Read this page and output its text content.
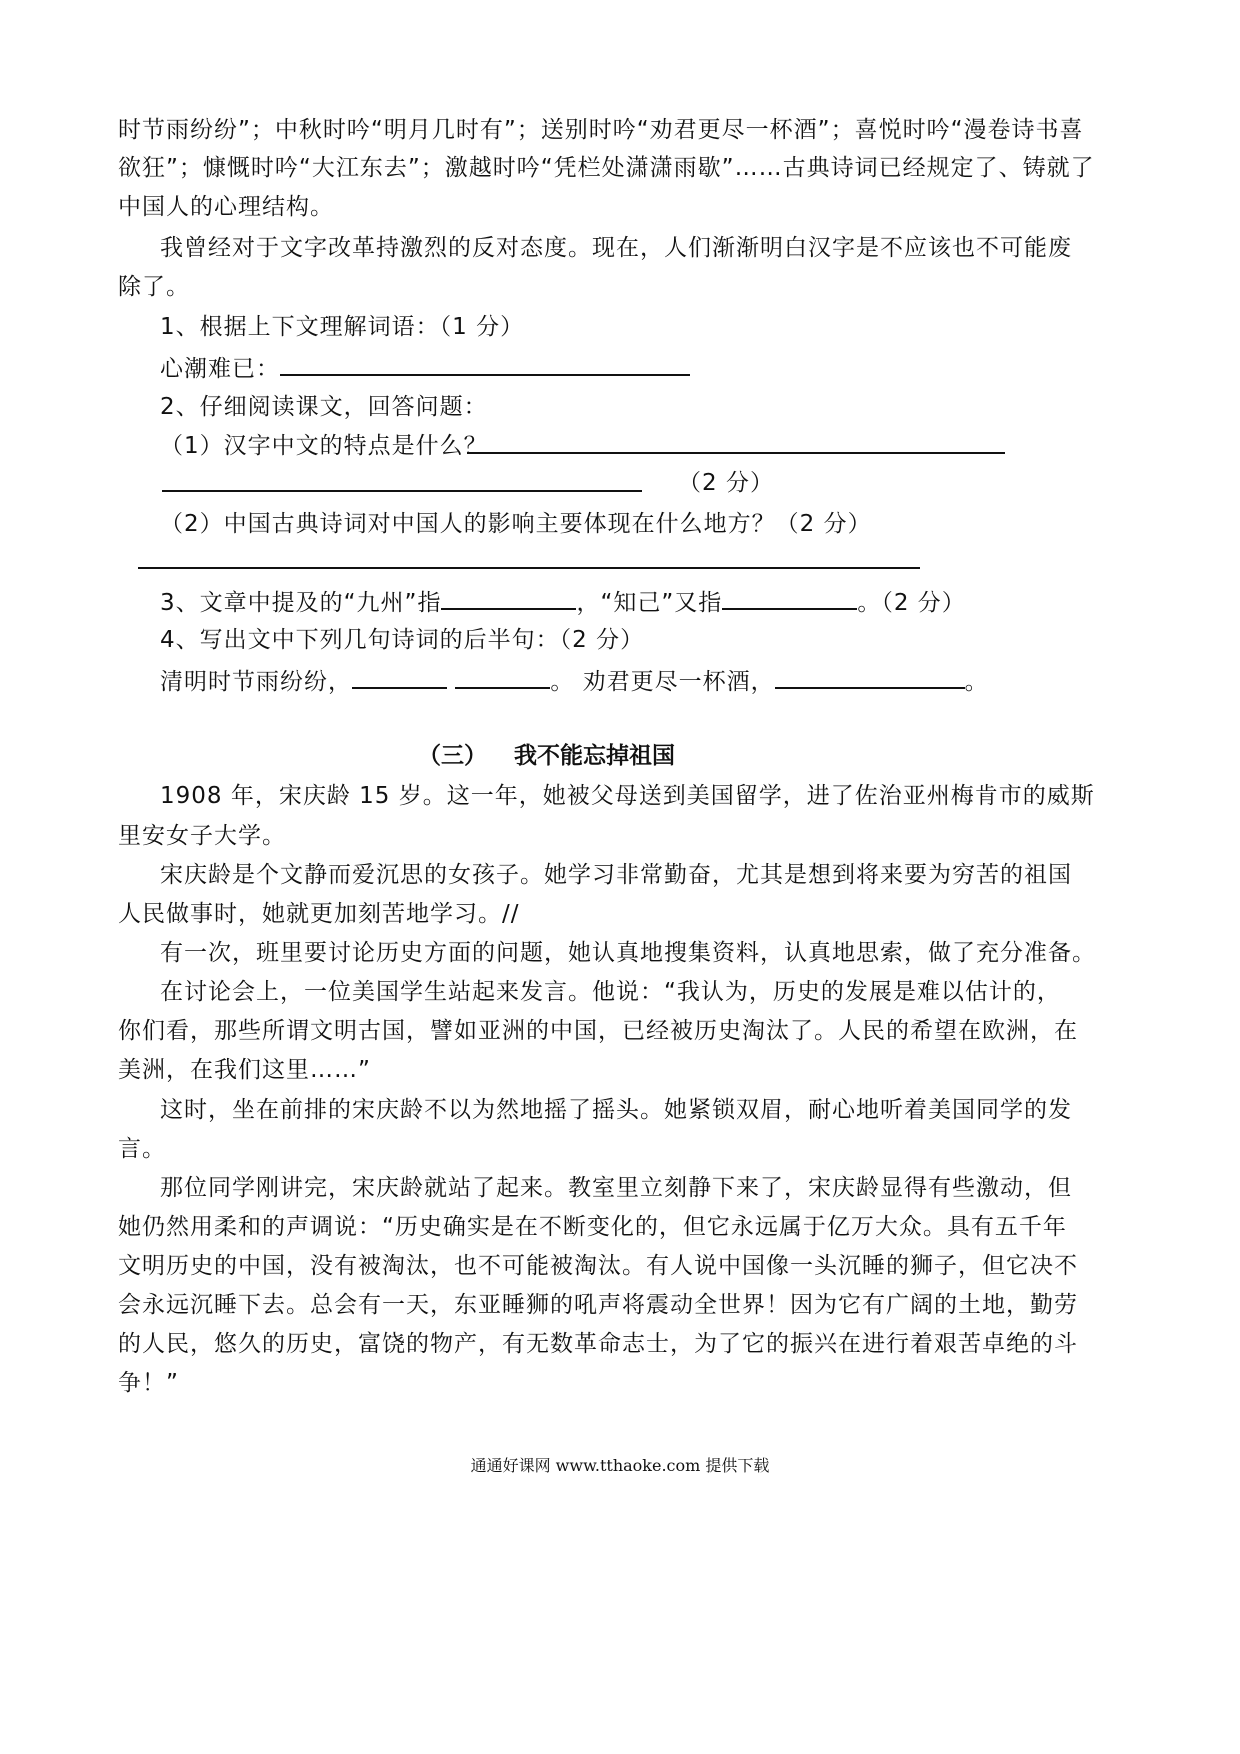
时节雨纷纷”；中秋时吟“明月几时有”；送别时吟“劝君更尽一杯酒”；喜悦时吟“漫卷诗书喜
欲狂”；慷慨时吟“大江东去”；激越时吟“凭栏处潇潇雨歇”……古典诗词已经规定了、铸就了
中国人的心理结构。
我曾经对于文字改革持激烈的反对态度。现在，人们渐渐明白汉字是不应该也不可能废
除了。
1、根据上下文理解词语：（1 分）
心潮难已：
2、仔细阅读课文，回答问题：
（1）汉字中文的特点是什么？
（2 分）
（2）中国古典诗词对中国人的影响主要体现在什么地方？（2 分）
3、文章中提及的“九州”指	，“知己”又指	。（2 分）
4、写出文中下列几句诗词的后半句：（2 分）
清明时节雨纷纷，	。 劝君更尽一杯酒，	。
（三） 我不能忘掉祖国
1908 年，宋庆龄 15 岁。这一年，她被父母送到美国留学，进了佐治亚州梅肯市的威斯
里安女子大学。
宋庆龄是个文静而爱沉思的女孩子。她学习非常勤奋，尤其是想到将来要为穷苦的祖国
人民做事时，她就更加刻苦地学习。//
有一次，班里要讨论历史方面的问题，她认真地搜集资料，认真地思索，做了充分准备。
在讨论会上，一位美国学生站起来发言。他说：“我认为，历史的发展是难以估计的，
你们看，那些所谓文明古国，譬如亚洲的中国，已经被历史淘汰了。人民的希望在欧洲，在
美洲，在我们这里……”
这时，坐在前排的宋庆龄不以为然地摇了摇头。她紧锁双眉，耐心地听着美国同学的发
言。
那位同学刚讲完，宋庆龄就站了起来。教室里立刻静下来了，宋庆龄显得有些激动，但
她仍然用柔和的声调说：“历史确实是在不断变化的，但它永远属于亿万大众。具有五千年
文明历史的中国，没有被淘汰，也不可能被淘汰。有人说中国像一头沉睡的狮子，但它决不
会永远沉睡下去。总会有一天，东亚睡狮的吼声将震动全世界！因为它有广阔的土地，勤劳
的人民，悠久的历史，富饶的物产，有无数革命志士，为了它的振兴在进行着艰苦卓绝的斗
争！”
通通好课网 www.tthaoke.com 提供下载
